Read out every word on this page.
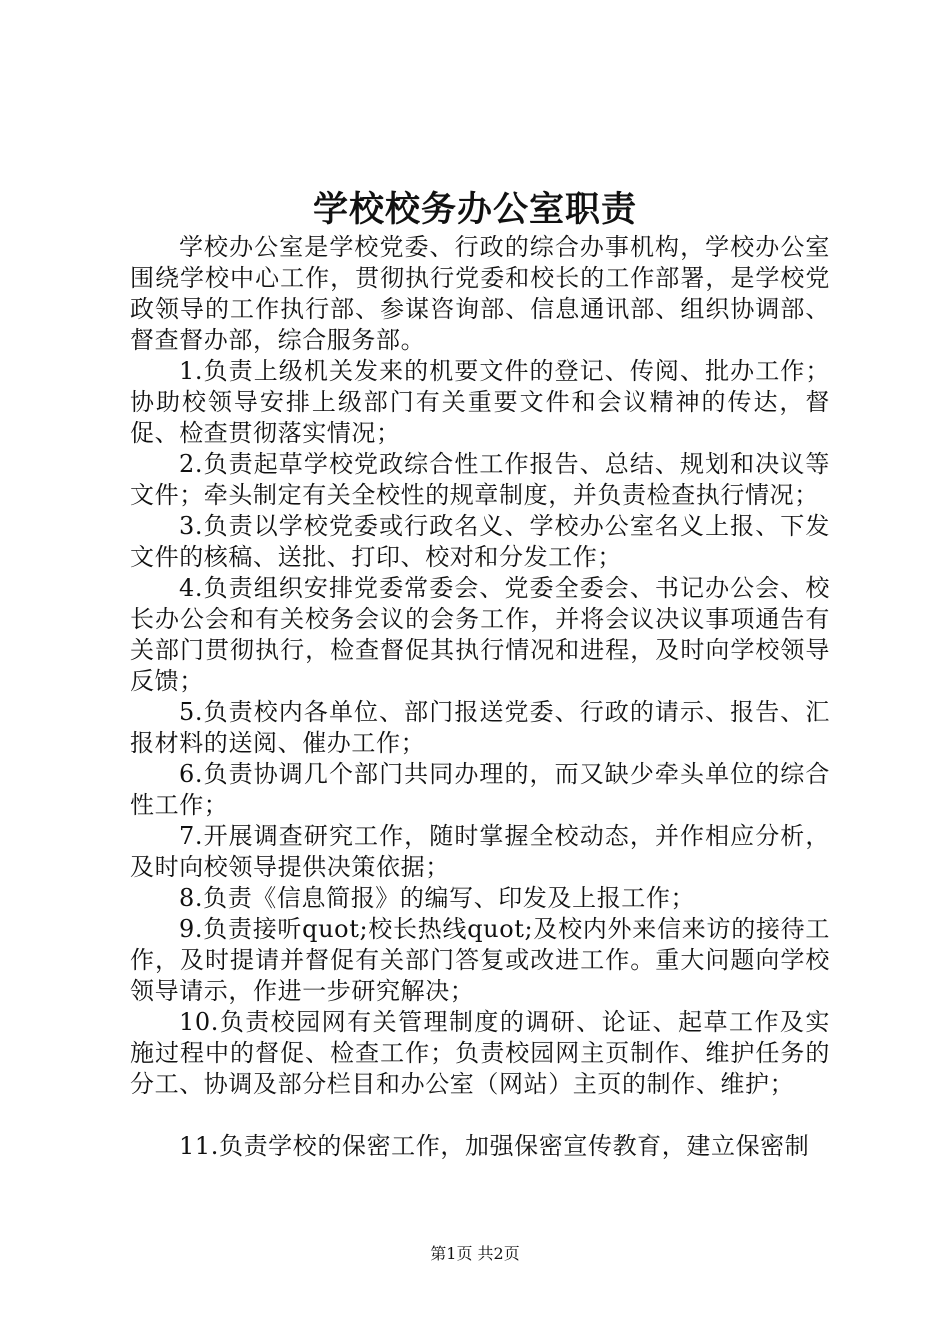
学校校务办公室职责

学校办公室是学校党委、行政的综合办事机构，学校办公室围绕学校中心工作，贯彻执行党委和校长的工作部署，是学校党政领导的工作执行部、参谋咨询部、信息通讯部、组织协调部、督查督办部，综合服务部。

1.负责上级机关发来的机要文件的登记、传阅、批办工作；协助校领导安排上级部门有关重要文件和会议精神的传达，督促、检查贯彻落实情况；

2.负责起草学校党政综合性工作报告、总结、规划和决议等文件；牵头制定有关全校性的规章制度，并负责检查执行情况；

3.负责以学校党委或行政名义、学校办公室名义上报、下发文件的核稿、送批、打印、校对和分发工作；

4.负责组织安排党委常委会、党委全委会、书记办公会、校长办公会和有关校务会议的会务工作，并将会议决议事项通告有关部门贯彻执行，检查督促其执行情况和进程，及时向学校领导反馈；

5.负责校内各单位、部门报送党委、行政的请示、报告、汇报材料的送阅、催办工作；

6.负责协调几个部门共同办理的，而又缺少牵头单位的综合性工作；

7.开展调查研究工作，随时掌握全校动态，并作相应分析，及时向校领导提供决策依据；

8.负责《信息简报》的编写、印发及上报工作；

9.负责接听quot;校长热线quot;及校内外来信来访的接待工作，及时提请并督促有关部门答复或改进工作。重大问题向学校领导请示，作进一步研究解决；

10.负责校园网有关管理制度的调研、论证、起草工作及实施过程中的督促、检查工作；负责校园网主页制作、维护任务的分工、协调及部分栏目和办公室（网站）主页的制作、维护；

11.负责学校的保密工作，加强保密宣传教育，建立保密制

第1页 共2页
